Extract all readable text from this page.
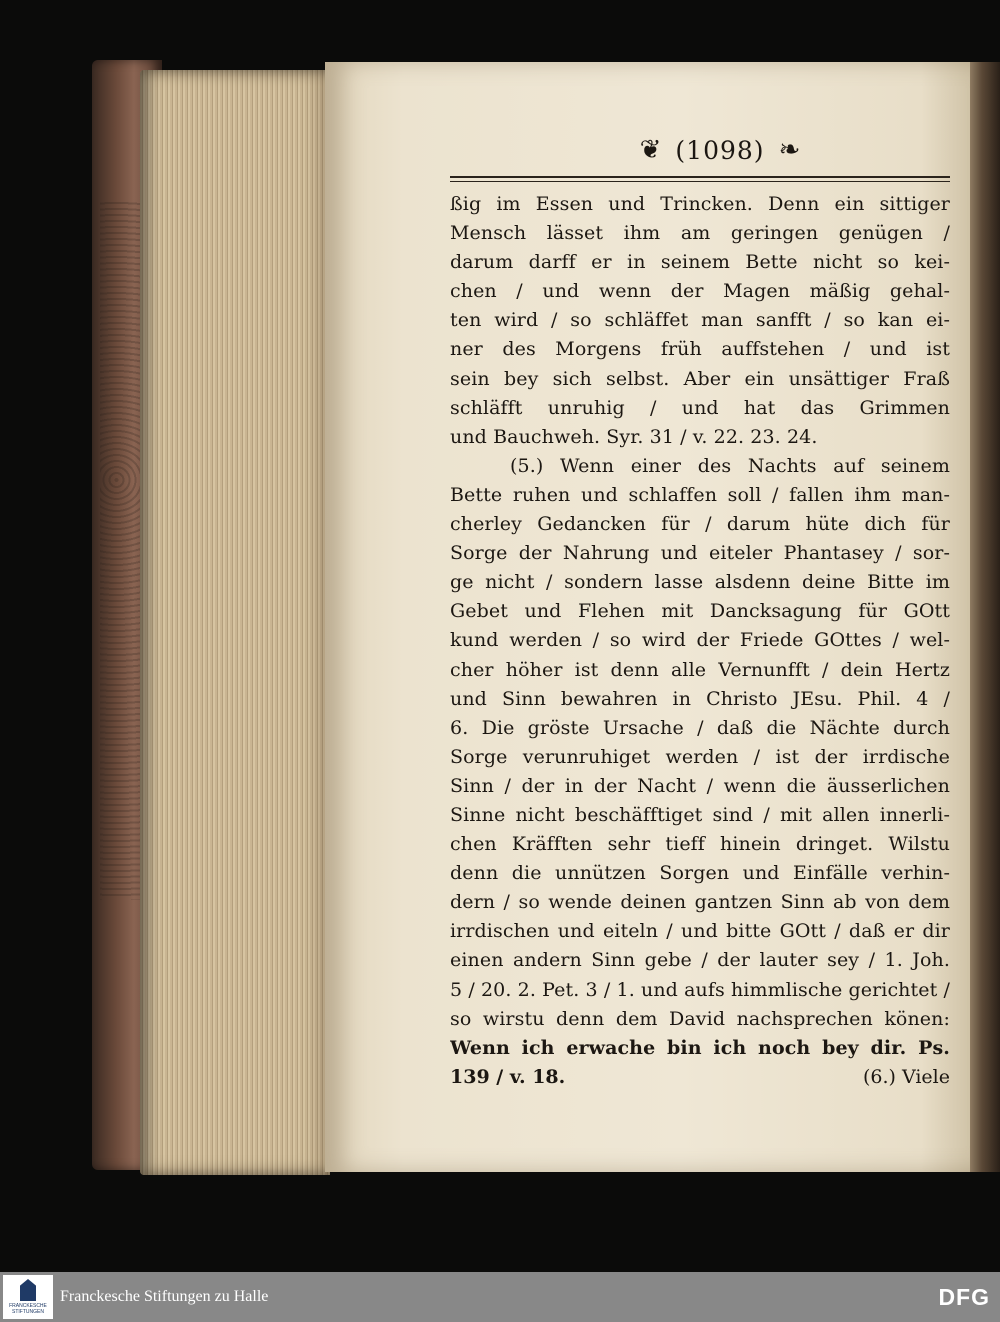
❦ (1098) ❧
ßig im Essen und Trincken. Denn ein sittiger
Mensch lässet ihm am geringen genügen /
darum darff er in seinem Bette nicht so kei-
chen / und wenn der Magen mäßig gehal-
ten wird / so schläffet man sanfft / so kan ei-
ner des Morgens früh auffstehen / und ist
sein bey sich selbst. Aber ein unsättiger Fraß
schläfft unruhig / und hat das Grimmen
und Bauchweh. Syr. 31 / v. 22. 23. 24.
(5.) Wenn einer des Nachts auf seinem
Bette ruhen und schlaffen soll / fallen ihm man-
cherley Gedancken für / darum hüte dich für
Sorge der Nahrung und eiteler Phantasey / sor-
ge nicht / sondern lasse alsdenn deine Bitte im
Gebet und Flehen mit Dancksagung für GOtt
kund werden / so wird der Friede GOttes / wel-
cher höher ist denn alle Vernunfft / dein Hertz
und Sinn bewahren in Christo JEsu. Phil. 4 /
6. Die gröste Ursache / daß die Nächte durch
Sorge verunruhiget werden / ist der irrdische
Sinn / der in der Nacht / wenn die äusserlichen
Sinne nicht beschäfftiget sind / mit allen innerli-
chen Kräfften sehr tieff hinein dringet. Wilstu
denn die unnützen Sorgen und Einfälle verhin-
dern / so wende deinen gantzen Sinn ab von dem
irrdischen und eiteln / und bitte GOtt / daß er dir
einen andern Sinn gebe / der lauter sey / 1. Joh.
5 / 20. 2. Pet. 3 / 1. und aufs himmlische gerichtet /
so wirstu denn dem David nachsprechen könen:
Wenn ich erwache bin ich noch bey dir. Ps.
139 / v. 18.	(6.) Viele
FRANCKESCHE
STIFTUNGEN
Franckesche Stiftungen zu Halle	DFG
